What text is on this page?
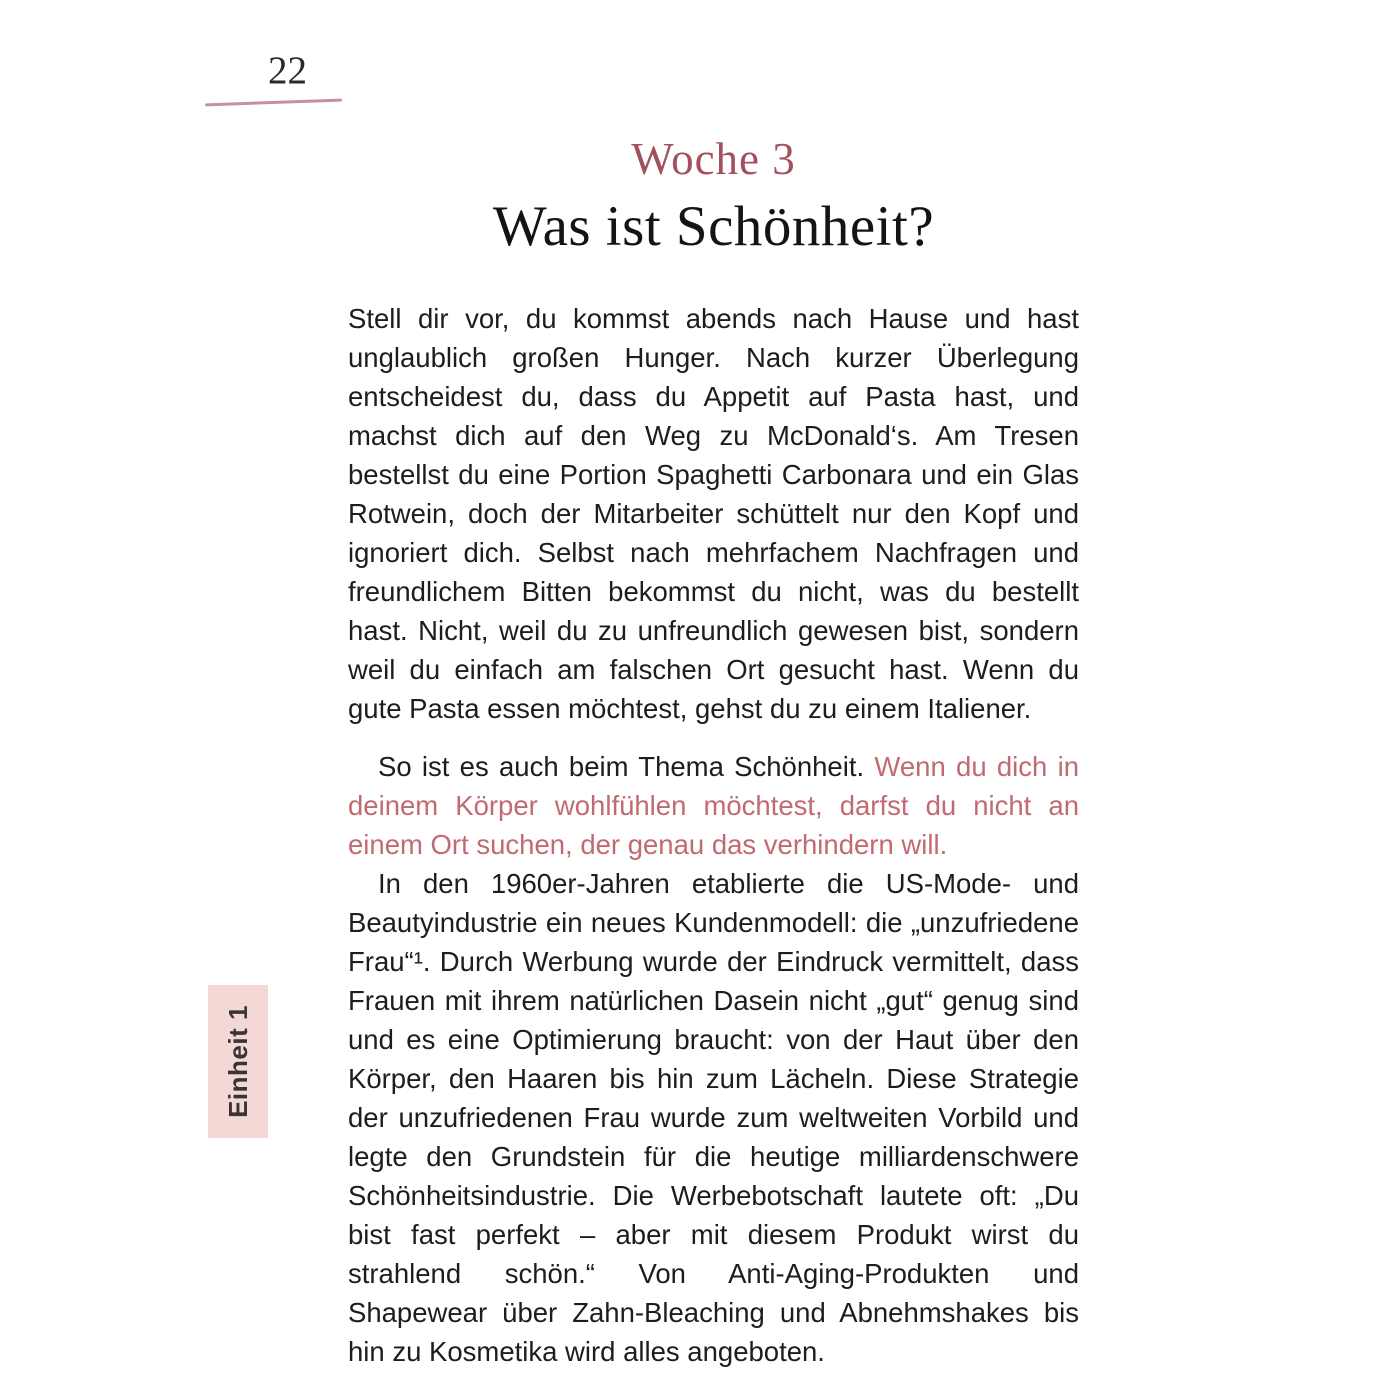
22
Woche 3
Was ist Schönheit?

Stell dir vor, du kommst abends nach Hause und hast unglaublich großen Hunger. Nach kurzer Überlegung entscheidest du, dass du Appetit auf Pasta hast, und machst dich auf den Weg zu McDonald‘s. Am Tresen bestellst du eine Portion Spaghetti Carbonara und ein Glas Rotwein, doch der Mitarbeiter schüttelt nur den Kopf und ignoriert dich. Selbst nach mehrfachem Nachfragen und freundlichem Bitten bekommst du nicht, was du bestellt hast. Nicht, weil du zu unfreundlich gewesen bist, sondern weil du einfach am falschen Ort gesucht hast. Wenn du gute Pasta essen möchtest, gehst du zu einem Italiener.

So ist es auch beim Thema Schönheit. Wenn du dich in deinem Körper wohlfühlen möchtest, darfst du nicht an einem Ort suchen, der genau das verhindern will.

In den 1960er-Jahren etablierte die US-Mode- und Beautyindustrie ein neues Kundenmodell: die „unzufriedene Frau“¹. Durch Werbung wurde der Eindruck vermittelt, dass Frauen mit ihrem natürlichen Dasein nicht „gut“ genug sind und es eine Optimierung braucht: von der Haut über den Körper, den Haaren bis hin zum Lächeln. Diese Strategie der unzufriedenen Frau wurde zum weltweiten Vorbild und legte den Grundstein für die heutige milliardenschwere Schönheitsindustrie. Die Werbebotschaft lautete oft: „Du bist fast perfekt – aber mit diesem Produkt wirst du strahlend schön.“ Von Anti-Aging-Produkten und Shapewear über Zahn-Bleaching und Abnehmshakes bis hin zu Kosmetika wird alles angeboten.

Einheit 1
